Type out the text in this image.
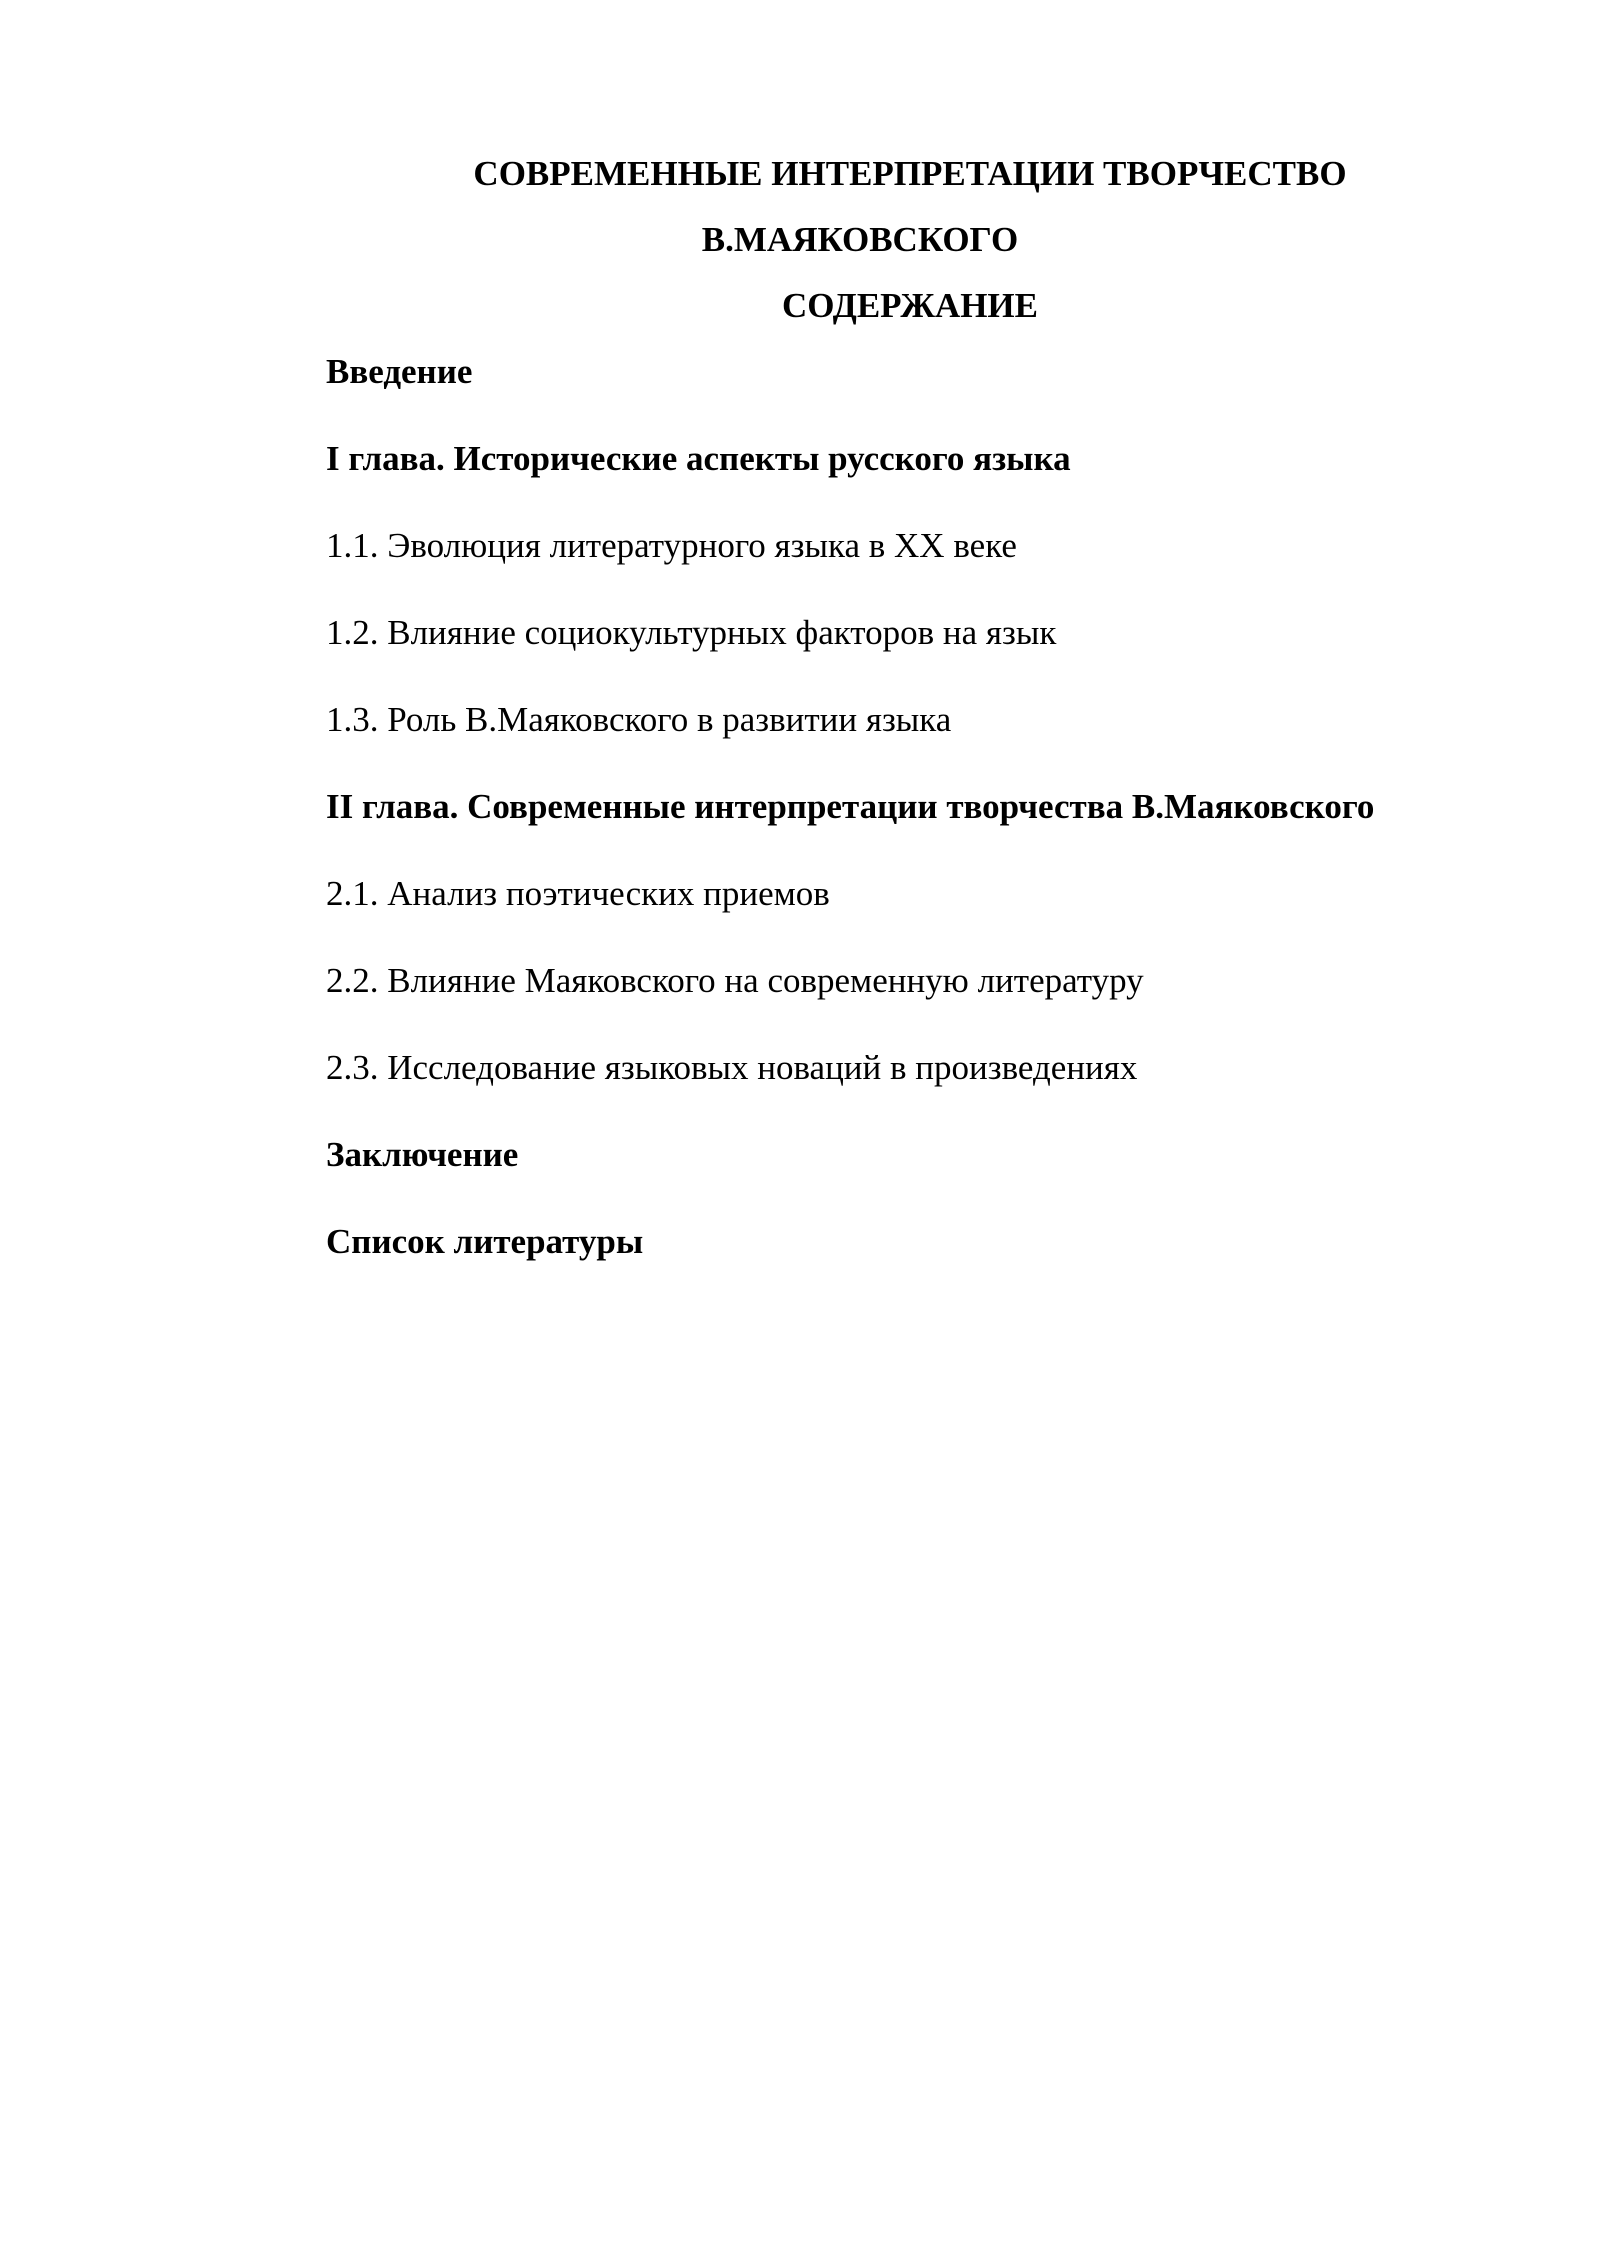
СОВРЕМЕННЫЕ ИНТЕРПРЕТАЦИИ ТВОРЧЕСТВО
В.МАЯКОВСКОГО
СОДЕРЖАНИЕ
Введение
I глава. Исторические аспекты русского языка
1.1. Эволюция литературного языка в XX веке
1.2. Влияние социокультурных факторов на язык
1.3. Роль В.Маяковского в развитии языка
II глава. Современные интерпретации творчества В.Маяковского
2.1. Анализ поэтических приемов
2.2. Влияние Маяковского на современную литературу
2.3. Исследование языковых новаций в произведениях
Заключение
Список литературы
